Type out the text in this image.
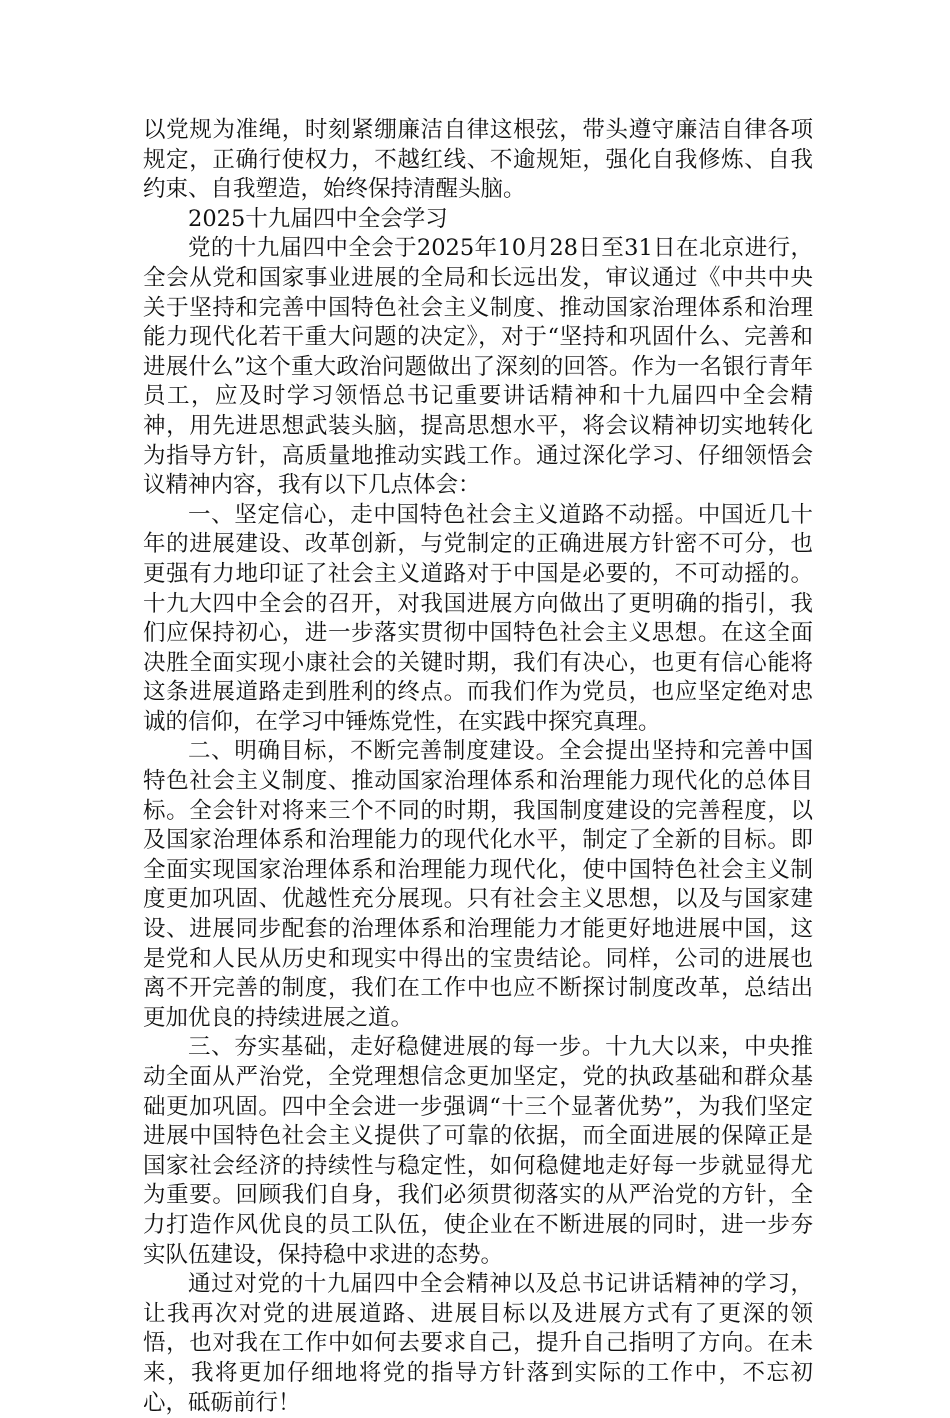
以党规为准绳，时刻紧绷廉洁自律这根弦，带头遵守廉洁自律各项规定，正确行使权力，不越红线、不逾规矩，强化自我修炼、自我约束、自我塑造，始终保持清醒头脑。

2025十九届四中全会学习

党的十九届四中全会于2025年10月28日至31日在北京进行，全会从党和国家事业进展的全局和长远出发，审议通过《中共中央关于坚持和完善中国特色社会主义制度、推动国家治理体系和治理能力现代化若干重大问题的决定》，对于“坚持和巩固什么、完善和进展什么”这个重大政治问题做出了深刻的回答。作为一名银行青年员工，应及时学习领悟总书记重要讲话精神和十九届四中全会精神，用先进思想武装头脑，提高思想水平，将会议精神切实地转化为指导方针，高质量地推动实践工作。通过深化学习、仔细领悟会议精神内容，我有以下几点体会：

一、坚定信心，走中国特色社会主义道路不动摇。中国近几十年的进展建设、改革创新，与党制定的正确进展方针密不可分，也更强有力地印证了社会主义道路对于中国是必要的，不可动摇的。十九大四中全会的召开，对我国进展方向做出了更明确的指引，我们应保持初心，进一步落实贯彻中国特色社会主义思想。在这全面决胜全面实现小康社会的关键时期，我们有决心，也更有信心能将这条进展道路走到胜利的终点。而我们作为党员，也应坚定绝对忠诚的信仰，在学习中锤炼党性，在实践中探究真理。

二、明确目标，不断完善制度建设。全会提出坚持和完善中国特色社会主义制度、推动国家治理体系和治理能力现代化的总体目标。全会针对将来三个不同的时期，我国制度建设的完善程度，以及国家治理体系和治理能力的现代化水平，制定了全新的目标。即全面实现国家治理体系和治理能力现代化，使中国特色社会主义制度更加巩固、优越性充分展现。只有社会主义思想，以及与国家建设、进展同步配套的治理体系和治理能力才能更好地进展中国，这是党和人民从历史和现实中得出的宝贵结论。同样，公司的进展也离不开完善的制度，我们在工作中也应不断探讨制度改革，总结出更加优良的持续进展之道。

三、夯实基础，走好稳健进展的每一步。十九大以来，中央推动全面从严治党，全党理想信念更加坚定，党的执政基础和群众基础更加巩固。四中全会进一步强调“十三个显著优势”，为我们坚定进展中国特色社会主义提供了可靠的依据，而全面进展的保障正是国家社会经济的持续性与稳定性，如何稳健地走好每一步就显得尤为重要。回顾我们自身，我们必须贯彻落实的从严治党的方针，全力打造作风优良的员工队伍，使企业在不断进展的同时，进一步夯实队伍建设，保持稳中求进的态势。

通过对党的十九届四中全会精神以及总书记讲话精神的学习，让我再次对党的进展道路、进展目标以及进展方式有了更深的领悟，也对我在工作中如何去要求自己，提升自己指明了方向。在未来，我将更加仔细地将党的指导方针落到实际的工作中，不忘初心，砥砺前行！
